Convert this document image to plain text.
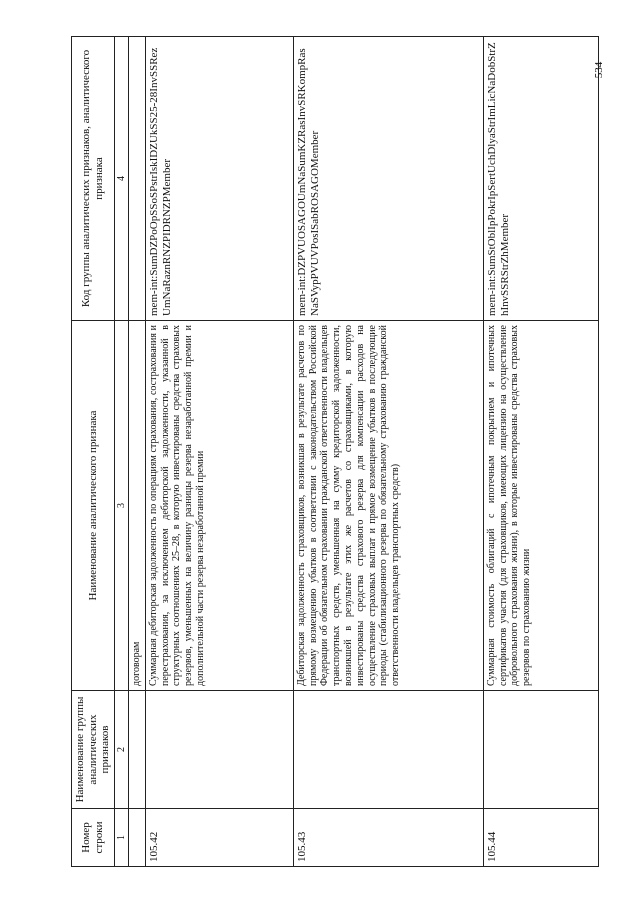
Номер строки	Наименование группы аналитических признаков	Наименование аналитического признака	Код группы аналитических признаков, аналитического признака
1	2	3	4
		договорам	
105.42		Суммарная дебиторская задолженность по операциям страхования, сострахования и перестрахования, за исключением дебиторской задолженности, указанной в структурных соотношениях 25–28, в которую инвестированы средства страховых резервов, уменьшенных на величину разницы резерва незаработанной премии и дополнительной части резерва незаработанной премии	mem-int:SumDZPoOpSSoSPstrIskIDZUkSS25-28InvSSRezUmNaRaznRNZPIDRNZPMember
105.43		Дебиторская задолженность страховщиков, возникшая в результате расчетов по прямому возмещению убытков в соответствии с законодательством Российской Федерации об обязательном страховании гражданской ответственности владельцев транспортных средств, уменьшенная на сумму кредиторской задолженности, возникшей в результате этих же расчетов со страховщиками, в которую инвестированы средства страхового резерва для компенсации расходов на осуществление страховых выплат и прямое возмещение убытков в последующие периоды (стабилизационного резерва по обязательному страхованию гражданской ответственности владельцев транспортных средств)	mem-int:DZPVUOSAGOUmNaSumKZRasInvSRKompRasNaSVypPVUVPosISabROSAGOMember
105.44		Суммарная стоимость облигаций с ипотечным покрытием и ипотечных сертификатов участия (для страховщиков, имеющих лицензию на осуществление добровольного страхования жизни), в которые инвестированы средства страховых резервов по страхованию жизни	mem-int:SumStOblIpPokrIpSertUchDlyaStrImLicNaDobStrZhInvSSRStrZhMember
534
